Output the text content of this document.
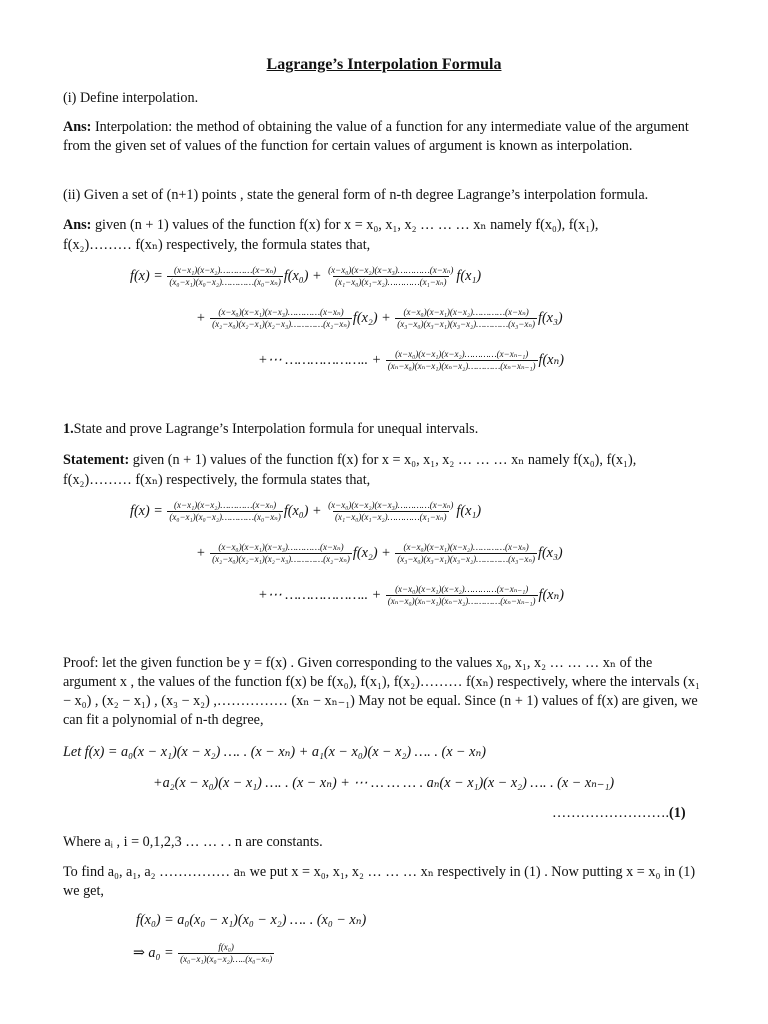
Lagrange’s Interpolation Formula
(i) Define interpolation.
Ans: Interpolation: the method of obtaining the value of a function for any intermediate value of the argument from the given set of values of the function for certain values of argument is known as interpolation.
(ii) Given a set of (n+1) points , state the general form of n-th degree Lagrange’s interpolation formula.
Ans: given (n + 1) values of the function f(x) for x = x₀, x₁, x₂ … … … xₙ namely f(x₀), f(x₁),
f(x₂)……… f(xₙ) respectively, the formula states that,
$f(x) = \frac{\text{(x−x₁)(x−x₂)…………(x−xₙ)}}{\text{(x₀−x₁)(x₀−x₂)…………(x₀−xₙ)}} f(x_0) + \frac{\text{(x−x₀)(x−x₂)(x−x₃)…………(x−xₙ)}}{\text{(x₁−x₀)(x₁−x₂)…………(x₁−xₙ)}} f(x_1)$
+ $\frac{\text{(x−x₀)(x−x₁)(x−x₃)…………(x−xₙ)}}{\text{(x₂−x₀)(x₂−x₁)(x₂−x₃)…………(x₂−xₙ)}} f(x_2) + \frac{\text{(x−x₀)(x−x₁)(x−x₂)…………(x−xₙ)}}{\text{(x₃−x₀)(x₃−x₁)(x₃−x₂)…………(x₃−xₙ)}} f(x_3)$
+⋯ ……………….. + $\frac{\text{(x−x₀)(x−x₁)(x−x₂)…………(x−xₙ₋₁)}}{\text{(xₙ−x₀)(xₙ−x₁)(xₙ−x₂)…………(xₙ−xₙ₋₁)}} f(x_n)$
1.State and prove Lagrange’s Interpolation formula for unequal intervals.
Statement: given (n + 1) values of the function f(x) for x = x₀, x₁, x₂ … … … xₙ namely f(x₀), f(x₁),
f(x₂)……… f(xₙ) respectively, the formula states that,
$f(x) = \frac{\text{(x−x₁)(x−x₂)…………(x−xₙ)}}{\text{(x₀−x₁)(x₀−x₂)…………(x₀−xₙ)}} f(x_0) + \frac{\text{(x−x₀)(x−x₂)(x−x₃)…………(x−xₙ)}}{\text{(x₁−x₀)(x₁−x₂)…………(x₁−xₙ)}} f(x_1)$
+ $\frac{\text{(x−x₀)(x−x₁)(x−x₃)…………(x−xₙ)}}{\text{(x₂−x₀)(x₂−x₁)(x₂−x₃)…………(x₂−xₙ)}} f(x_2) + \frac{\text{(x−x₀)(x−x₁)(x−x₂)…………(x−xₙ)}}{\text{(x₃−x₀)(x₃−x₁)(x₃−x₂)…………(x₃−xₙ)}} f(x_3)$
+⋯ ……………….. + $\frac{\text{(x−x₀)(x−x₁)(x−x₂)…………(x−xₙ₋₁)}}{\text{(xₙ−x₀)(xₙ−x₁)(xₙ−x₂)…………(xₙ−xₙ₋₁)}} f(x_n)$
Proof: let the given function be y = f(x) . Given corresponding to the values x₀, x₁, x₂ … … … xₙ of the argument x , the values of the function f(x) be f(x₀), f(x₁), f(x₂)……… f(xₙ) respectively, where the intervals (x₁ − x₀) , (x₂ − x₁) , (x₃ − x₂) ,…………… (xₙ − xₙ₋₁) May not be equal. Since (n + 1) values of f(x) are given, we can fit a polynomial of n-th degree,
Let f(x) = a₀(x − x₁)(x − x₂) …. . (x − xₙ) + a₁(x − x₀)(x − x₂) …. . (x − xₙ)
+a₂(x − x₀)(x − x₁) …. . (x − xₙ) + ⋯ … … … . aₙ(x − x₁)(x − x₂) …. . (x − xₙ₋₁)
…………………….(1)
Where aᵢ , i = 0,1,2,3 … … . . n are constants.
To find a₀, a₁, a₂ …………… aₙ we put x = x₀, x₁, x₂ … … … xₙ respectively in (1) . Now putting x = x₀ in (1) we get,
f(x₀) = a₀(x₀ − x₁)(x₀ − x₂) …. . (x₀ − xₙ)
⇒ $a_0 = \frac{\text{f(x₀)}}{\text{(x₀−x₁)(x₀−x₂)…..(x₀−xₙ)}}$
